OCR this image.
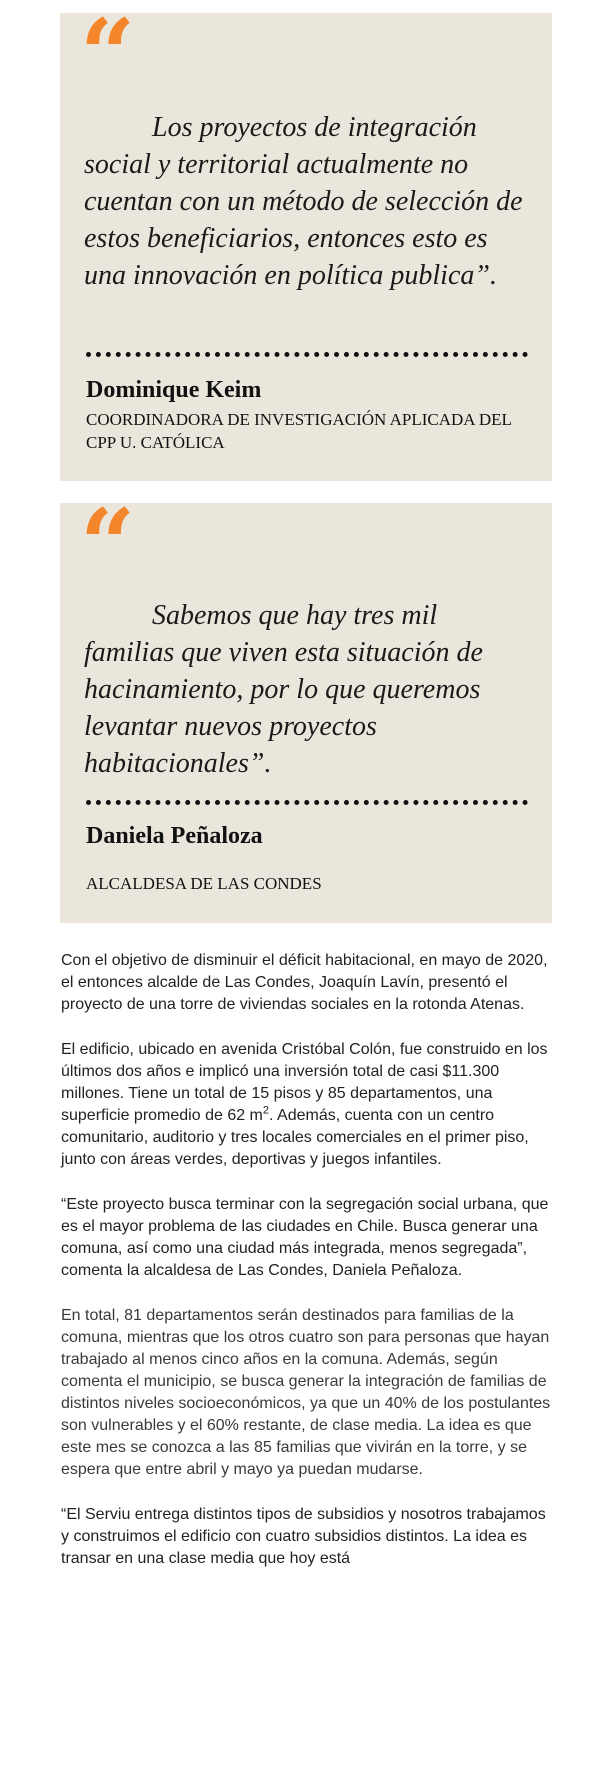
“

Los proyectos de integración social y territorial actualmente no cuentan con un método de selección de estos beneficiarios, entonces esto es una innovación en política publica”.

Dominique Keim

COORDINADORA DE INVESTIGACIÓN APLICADA DEL CPP U. CATÓLICA

“

Sabemos que hay tres mil familias que viven esta situación de hacinamiento, por lo que queremos levantar nuevos proyectos habitacionales”.

Daniela Peñaloza

ALCALDESA DE LAS CONDES

Con el objetivo de disminuir el déficit habitacional, en mayo de 2020, el entonces alcalde de Las Condes, Joaquín Lavín, presentó el proyecto de una torre de viviendas sociales en la rotonda Atenas.

El edificio, ubicado en avenida Cristóbal Colón, fue construido en los últimos dos años e implicó una inversión total de casi $11.300 millones. Tiene un total de 15 pisos y 85 departamentos, una superficie promedio de 62 $m^2$. Además, cuenta con un centro comunitario, auditorio y tres locales comerciales en el primer piso, junto con áreas verdes, deportivas y juegos infantiles.

“Este proyecto busca terminar con la segregación social urbana, que es el mayor problema de las ciudades en Chile. Busca generar una comuna, así como una ciudad más integrada, menos segregada”, comenta la alcaldesa de Las Condes, Daniela Peñaloza.

En total, 81 departamentos serán destinados para familias de la comuna, mientras que los otros cuatro son para personas que hayan trabajado al menos cinco años en la comuna. Además, según comenta el municipio, se busca generar la integración de familias de distintos niveles socioeconómicos, ya que un 40% de los postulantes son vulnerables y el 60% restante, de clase media. La idea es que este mes se conozca a las 85 familias que vivirán en la torre, y se espera que entre abril y mayo ya puedan mudarse.

“El Serviu entrega distintos tipos de subsidios y nosotros trabajamos y construimos el edificio con cuatro subsidios distintos. La idea es transar en una clase media que hoy está
